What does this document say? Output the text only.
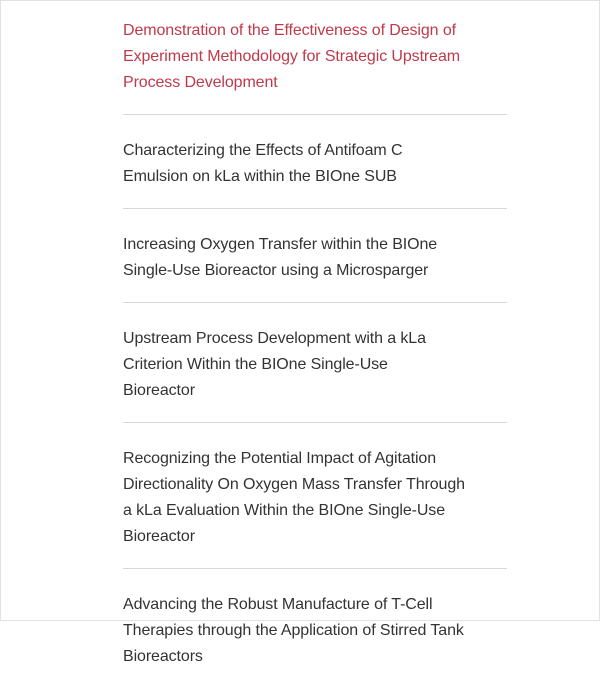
Demonstration of the Effectiveness of Design of
Experiment Methodology for Strategic Upstream
Process Development
Characterizing the Effects of Antifoam C
Emulsion on kLa within the BIOne SUB
Increasing Oxygen Transfer within the BIOne
Single-Use Bioreactor using a Microsparger
Upstream Process Development with a kLa
Criterion Within the BIOne Single-Use
Bioreactor
Recognizing the Potential Impact of Agitation
Directionality On Oxygen Mass Transfer Through
a kLa Evaluation Within the BIOne Single-Use
Bioreactor
Advancing the Robust Manufacture of T-Cell
Therapies through the Application of Stirred Tank
Bioreactors
